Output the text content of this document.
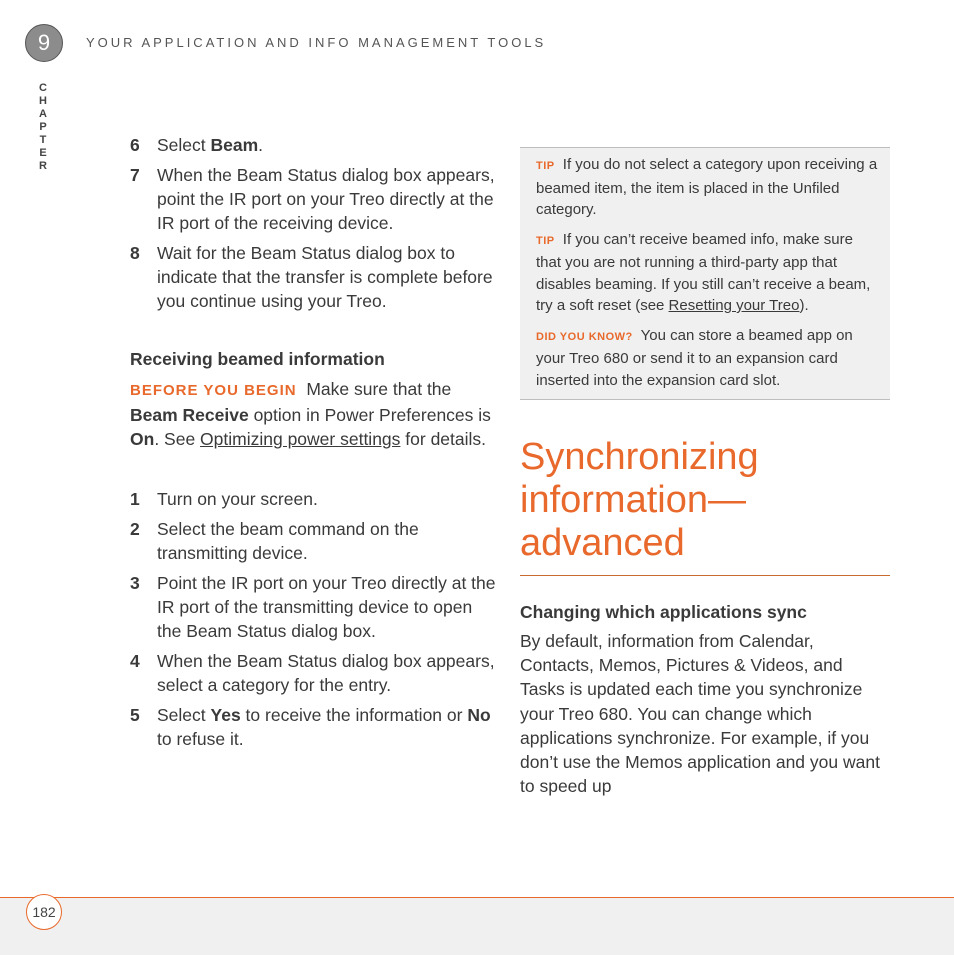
9	YOUR APPLICATION AND INFO MANAGEMENT TOOLS
CHAPTER
6 Select Beam.
7 When the Beam Status dialog box appears, point the IR port on your Treo directly at the IR port of the receiving device.
8 Wait for the Beam Status dialog box to indicate that the transfer is complete before you continue using your Treo.
Receiving beamed information
BEFORE YOU BEGIN Make sure that the Beam Receive option in Power Preferences is On. See Optimizing power settings for details.
1 Turn on your screen.
2 Select the beam command on the transmitting device.
3 Point the IR port on your Treo directly at the IR port of the transmitting device to open the Beam Status dialog box.
4 When the Beam Status dialog box appears, select a category for the entry.
5 Select Yes to receive the information or No to refuse it.

TIP If you do not select a category upon receiving a beamed item, the item is placed in the Unfiled category.

TIP If you can’t receive beamed info, make sure that you are not running a third-party app that disables beaming. If you still can’t receive a beam, try a soft reset (see Resetting your Treo).

DID YOU KNOW? You can store a beamed app on your Treo 680 or send it to an expansion card inserted into the expansion card slot.

Synchronizing information—advanced
Changing which applications sync

By default, information from Calendar, Contacts, Memos, Pictures & Videos, and Tasks is updated each time you synchronize your Treo 680. You can change which applications synchronize. For example, if you don’t use the Memos application and you want to speed up

182
